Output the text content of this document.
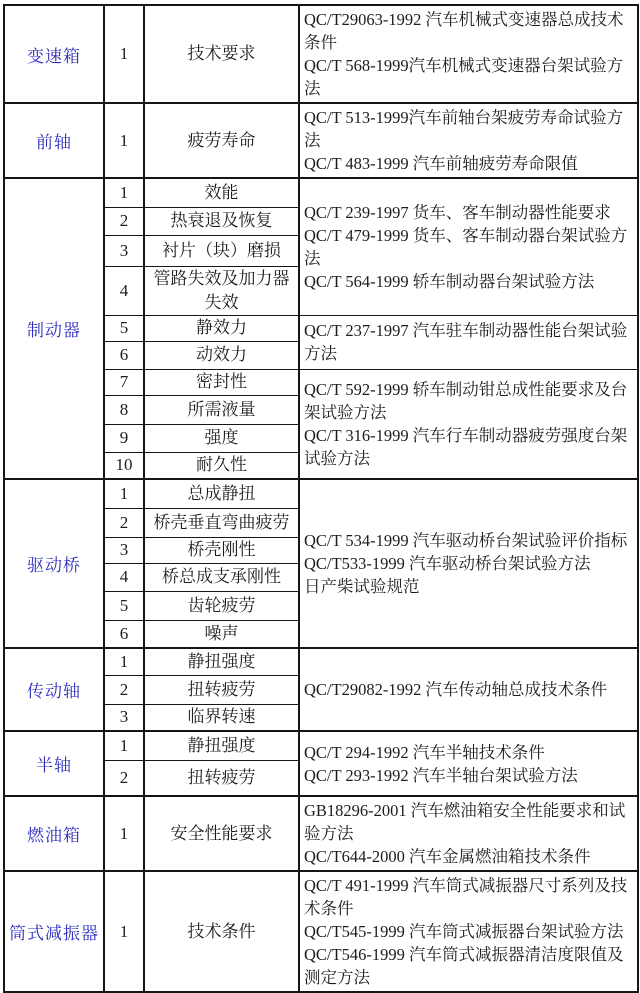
变速箱	1	技术要求	QC/T29063-1992 汽车机械式变速器总成技术条件
QC/T 568-1999汽车机械式变速器台架试验方法

前轴	1	疲劳寿命	QC/T 513-1999汽车前轴台架疲劳寿命试验方法
QC/T 483-1999 汽车前轴疲劳寿命限值

制动器	1	效能	QC/T 239-1997 货车、客车制动器性能要求
QC/T 479-1999 货车、客车制动器台架试验方法
QC/T 564-1999 轿车制动器台架试验方法

	2	热衰退及恢复	
	3	衬片（块）磨损	
	4	管路失效及加力器失效	
	5	静效力	QC/T 237-1997 汽车驻车制动器性能台架试验方法

	6	动效力	
	7	密封性	QC/T 592-1999 轿车制动钳总成性能要求及台架试验方法
QC/T 316-1999 汽车行车制动器疲劳强度台架试验方法

	8	所需液量	
	9	强度	
	10	耐久性	
驱动桥	1	总成静扭	QC/T 534-1999 汽车驱动桥台架试验评价指标
QC/T533-1999 汽车驱动桥台架试验方法
日产柴试验规范

	2	桥壳垂直弯曲疲劳	
	3	桥壳刚性	
	4	桥总成支承刚性	
	5	齿轮疲劳	
	6	噪声	
传动轴	1	静扭强度	QC/T29082-1992 汽车传动轴总成技术条件

	2	扭转疲劳	
	3	临界转速	
半轴	1	静扭强度	QC/T 294-1992 汽车半轴技术条件
QC/T 293-1992 汽车半轴台架试验方法

	2	扭转疲劳	
燃油箱	1	安全性能要求	GB18296-2001 汽车燃油箱安全性能要求和试验方法
QC/T644-2000 汽车金属燃油箱技术条件

筒式减振器	1	技术条件	QC/T 491-1999 汽车筒式减振器尺寸系列及技术条件
QC/T545-1999 汽车筒式减振器台架试验方法
QC/T546-1999 汽车筒式减振器清洁度限值及测定方法
